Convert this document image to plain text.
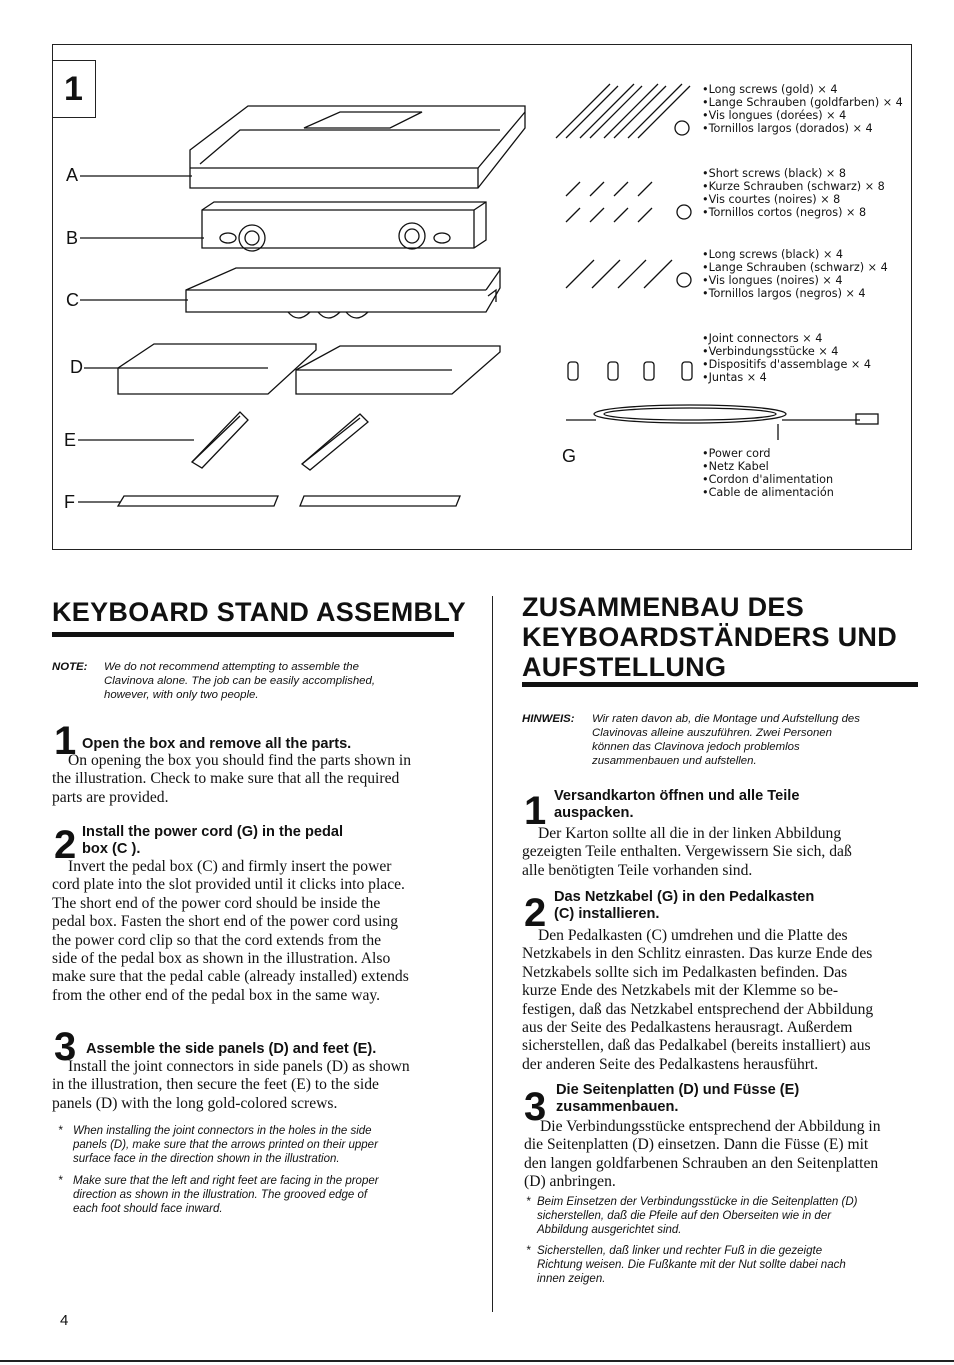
1
A
B
C
D
E
F
G
•Long screws (gold) × 4
•Lange Schrauben (goldfarben) × 4
•Vis longues (dorées) × 4
•Tornillos largos (dorados) × 4
•Short screws (black) × 8
•Kurze Schrauben (schwarz) × 8
•Vis courtes (noires) × 8
•Tornillos cortos (negros) × 8
•Long screws (black) × 4
•Lange Schrauben (schwarz) × 4
•Vis longues (noires) × 4
•Tornillos largos (negros) × 4
•Joint connectors × 4
•Verbindungsstücke × 4
•Dispositifs d'assemblage × 4
•Juntas × 4
•Power cord
•Netz Kabel
•Cordon d'alimentation
•Cable de alimentación
KEYBOARD STAND ASSEMBLY
NOTE: We do not recommend attempting to assemble the
Clavinova alone. The job can be easily accomplished,
however, with only two people.
1 Open the box and remove all the parts.
On opening the box you should find the parts shown in
the illustration. Check to make sure that all the required
parts are provided.
2 Install the power cord (G) in the pedal
box (C ).
Invert the pedal box (C) and firmly insert the power
cord plate into the slot provided until it clicks into place.
The short end of the power cord should be inside the
pedal box. Fasten the short end of the power cord using
the power cord clip so that the cord extends from the
side of the pedal box as shown in the illustration. Also
make sure that the pedal cable (already installed) extends
from the other end of the pedal box in the same way.
3 Assemble the side panels (D) and feet (E).
Install the joint connectors in side panels (D) as shown
in the illustration, then secure the feet (E) to the side
panels (D) with the long gold-colored screws.
* When installing the joint connectors in the holes in the side
panels (D), make sure that the arrows printed on their upper
surface face in the direction shown in the illustration.
* Make sure that the left and right feet are facing in the proper
direction as shown in the illustration. The grooved edge of
each foot should face inward.
ZUSAMMENBAU DES
KEYBOARDSTÄNDERS UND
AUFSTELLUNG
HINWEIS: Wir raten davon ab, die Montage und Aufstellung des
Clavinovas alleine auszuführen. Zwei Personen
können das Clavinova jedoch problemlos
zusammenbauen und aufstellen.
1 Versandkarton öffnen und alle Teile
auspacken.
Der Karton sollte all die in der linken Abbildung
gezeigten Teile enthalten. Vergewissern Sie sich, daß
alle benötigten Teile vorhanden sind.
2 Das Netzkabel (G) in den Pedalkasten
(C) installieren.
Den Pedalkasten (C) umdrehen und die Platte des
Netzkabels in den Schlitz einrasten. Das kurze Ende des
Netzkabels sollte sich im Pedalkasten befinden. Das
kurze Ende des Netzkabels mit der Klemme so be-
festigen, daß das Netzkabel entsprechend der Abbildung
aus der Seite des Pedalkastens herausragt. Außerdem
sicherstellen, daß das Pedalkabel (bereits installiert) aus
der anderen Seite des Pedalkastens herausführt.
3 Die Seitenplatten (D) und Füsse (E)
zusammenbauen.
Die Verbindungsstücke entsprechend der Abbildung in
die Seitenplatten (D) einsetzen. Dann die Füsse (E) mit
den langen goldfarbenen Schrauben an den Seitenplatten
(D) anbringen.
* Beim Einsetzen der Verbindungsstücke in die Seitenplatten (D)
sicherstellen, daß die Pfeile auf den Oberseiten wie in der
Abbildung ausgerichtet sind.
* Sicherstellen, daß linker und rechter Fuß in die gezeigte
Richtung weisen. Die Fußkante mit der Nut sollte dabei nach
innen zeigen.
4
